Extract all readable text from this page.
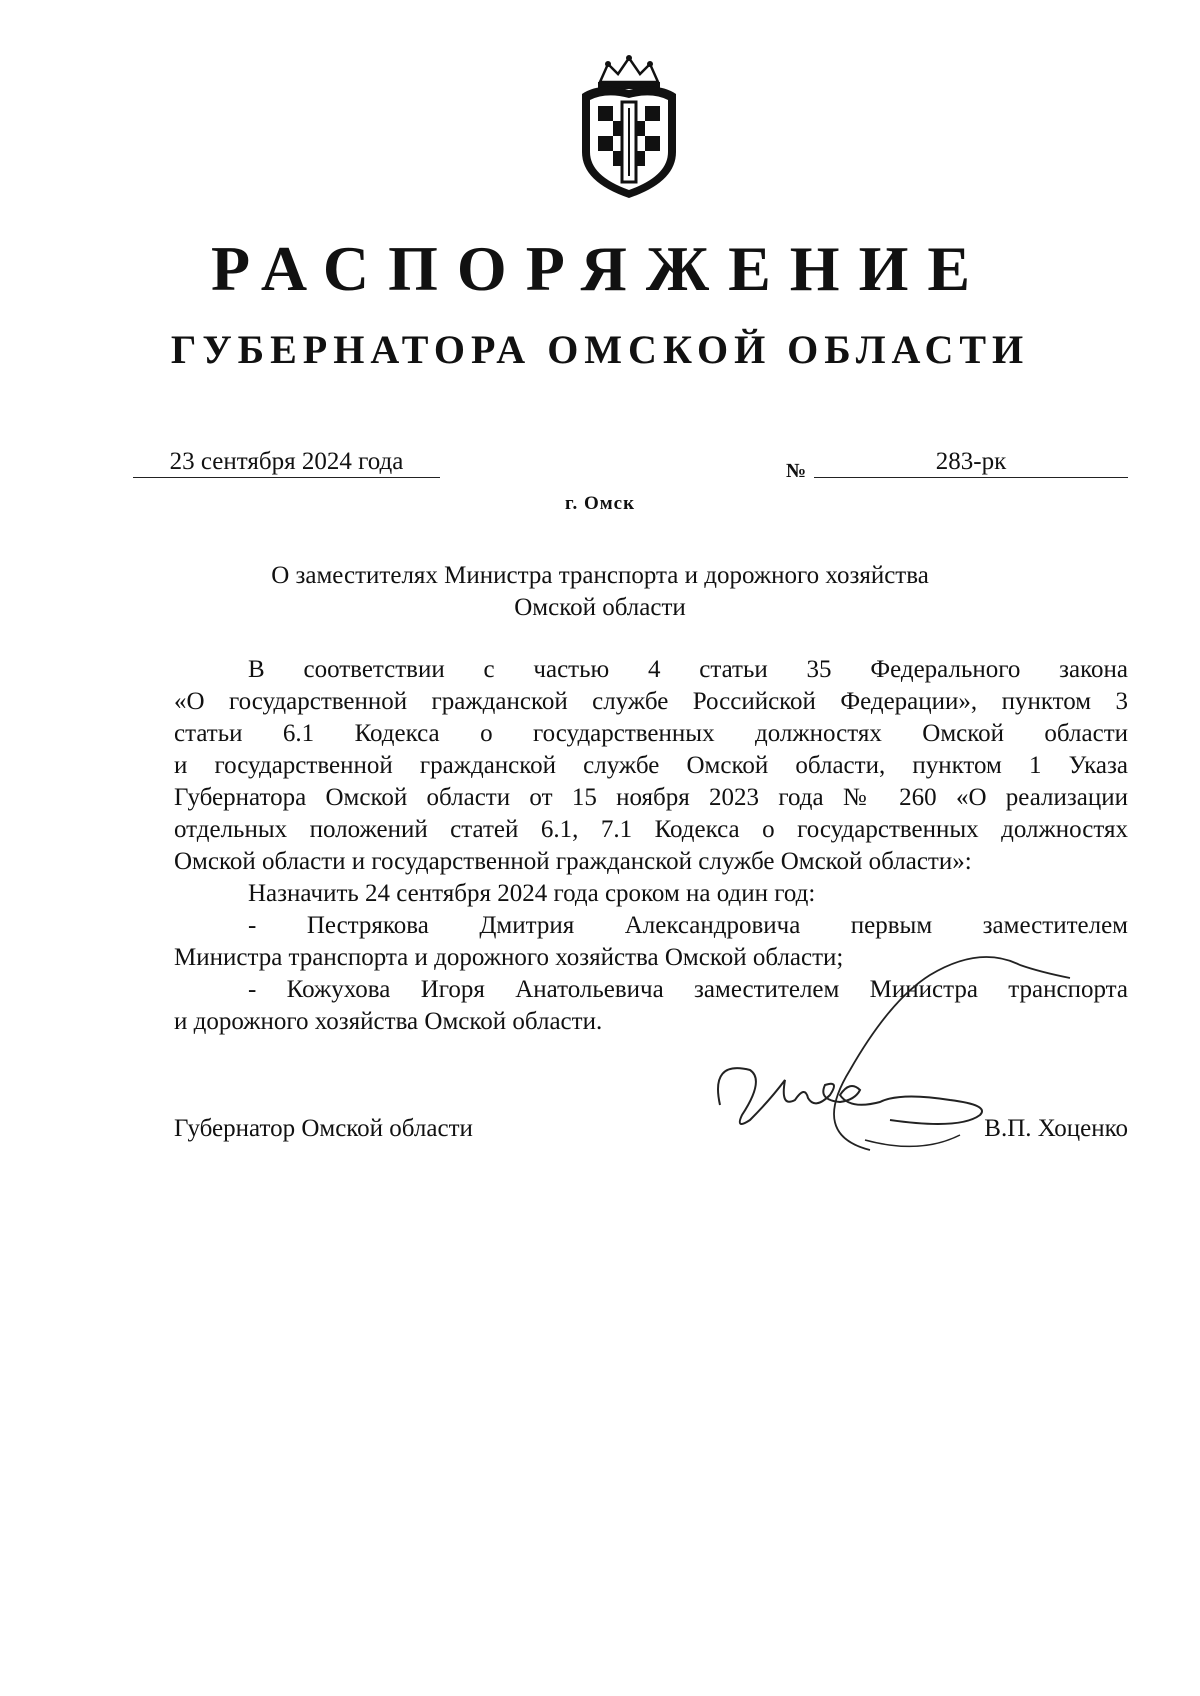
РАСПОРЯЖЕНИЕ
ГУБЕРНАТОРА ОМСКОЙ ОБЛАСТИ
23 сентября 2024 года	№	283-рк
г. Омск
О заместителях Министра транспорта и дорожного хозяйства
Омской области
В соответствии с частью 4 статьи 35 Федерального закона
«О государственной гражданской службе Российской Федерации», пунктом 3
статьи 6.1 Кодекса о государственных должностях Омской области
и государственной гражданской службе Омской области, пунктом 1 Указа
Губернатора Омской области от 15 ноября 2023 года № 260 «О реализации
отдельных положений статей 6.1, 7.1 Кодекса о государственных должностях
Омской области и государственной гражданской службе Омской области»:
Назначить 24 сентября 2024 года сроком на один год:
- Пестрякова Дмитрия Александровича первым заместителем
Министра транспорта и дорожного хозяйства Омской области;
- Кожухова Игоря Анатольевича заместителем Министра транспорта
и дорожного хозяйства Омской области.
Губернатор Омской области	В.П. Хоценко
